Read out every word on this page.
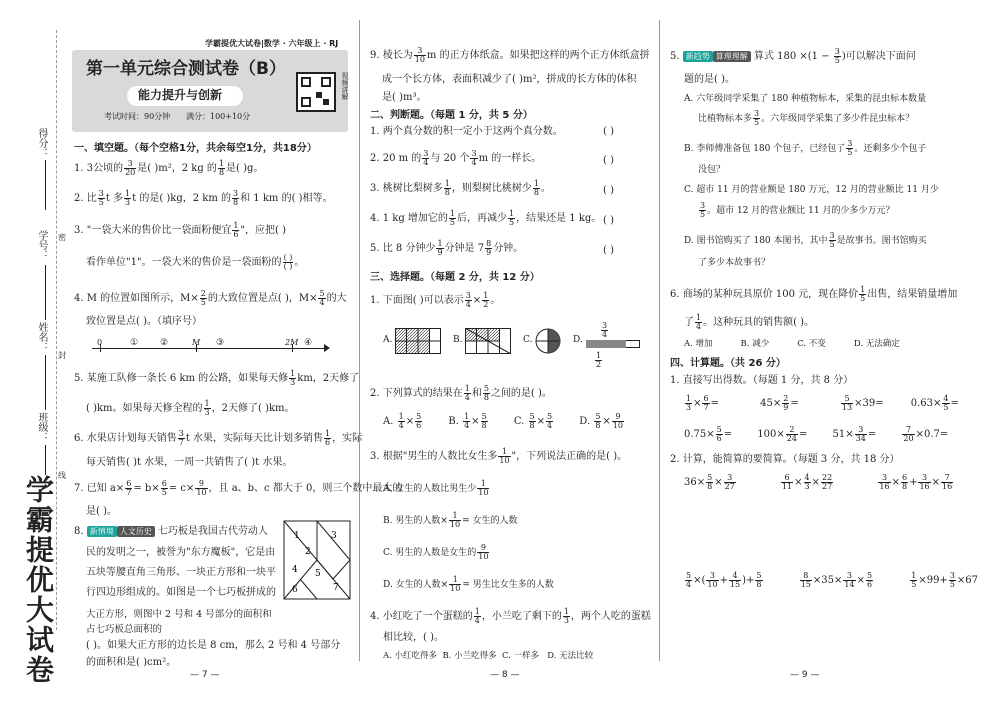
得分：
学号：
姓名：
班级：
密
封
线
学霸提优大试卷
学霸提优大试卷|数学 · 六年级上 · RJ
第一单元综合测试卷（B）
能力提升与创新
考试时间：90分钟 满分：100+10分
视频讲解
一、填空题。（每个空格1分，共余每空1分，共18分）
1. 3公顷的 $\frac{3}{20}$ 是( )m²，2 kg 的 $\frac{1}{8}$ 是( )g。
2. 比 $\frac{3}{5}$ t 多 $\frac{1}{3}$ t 的是( )kg，2 km 的 $\frac{3}{8}$ 和 1 km 的( )相等。
3. "一袋大米的售价比一袋面粉便宜 $\frac{1}{6}$ "，应把( )
看作单位"1"。一袋大米的售价是一袋面粉的 ( )
( ) 。
4. M 的位置如图所示，$M\times \frac{2}{5}$ 的大致位置是点( )，$M\times \frac{5}{4}$ 的大
致位置是点( )。（填序号）
0	① ②	M ③	2M ④
5. 某施工队修一条长 6 km 的公路，如果每天修 $\frac{1}{3}$ km，2天修了
( )km。如果每天修全程的 $\frac{1}{3}$ ，2天修了( )km。
6. 水果店计划每天销售 $\frac{3}{7}$ t 水果，实际每天比计划多销售 $\frac{1}{6}$ ，实际
每天销售( )t 水果，一周一共销售了( )t 水果。
7. 已知 $a\times \frac{6}{7} = b\times \frac{6}{5} = c\times \frac{9}{10}$ ，且 a、b、c 都大于 0，则三个数中最大的
是( )。
8. 新情境 人文历史 七巧板是我国古代劳动人
民的发明之一，被誉为"东方魔板"，它是由
五块等腰直角三角形、一块正方形和一块平
行四边形组成的。如图是一个七巧板拼成的
大正方形，则图中 2 号和 4 号部分的面积和占七巧板总面积的
( )。如果大正方形的边长是 8 cm，那么 2 号和 4 号部分
的面积和是( )cm²。
1
2
3
4 5
6	7
9. 棱长为 $\frac{3}{10}$ m 的正方体纸盒。如果把这样的两个正方体纸盒拼
成一个长方体，表面积减少了( )m²，拼成的长方体的体积
是( )m³。
二、判断题。（每题 1 分，共 5 分）
1. 两个真分数的积一定小于这两个真分数。	( )
2. 20 m 的 $\frac{3}{4}$ 与 20 个 $\frac{3}{4}$ m 的一样长。	( )
3. 桃树比梨树多 $\frac{1}{8}$ ，则梨树比桃树少 $\frac{1}{8}$ 。	( )
4. 1 kg 增加它的 $\frac{1}{5}$ 后，再减少 $\frac{1}{5}$ ，结果还是 1 kg。 ( )
5. 比 8 分钟少 $\frac{1}{9}$ 分钟是 $7 \frac{8}{9}$ 分钟。	( )
三、选择题。（每题 2 分，共 12 分）
1. 下面图( )可以表示 $\frac{3}{4} \times \frac{1}{2}$ 。
A.	B.	C.	D.
3
4
1
2
2. 下列算式的结果在 $\frac{1}{4}$ 和 $\frac{5}{8}$ 之间的是( )。
A. $\frac{1}{4} \times \frac{5}{6}$	B. $\frac{1}{4} \times \frac{5}{8}$	C. $\frac{5}{8} \times \frac{5}{4}$	D. $\frac{5}{8} \times \frac{9}{10}$
3. 根据"男生的人数比女生多 $\frac{1}{10}$ "，下列说法正确的是( )。
A. 女生的人数比男生少 $\frac{1}{10}$
B. 男生的人数× $\frac{1}{10}$ = 女生的人数
C. 男生的人数是女生的 $\frac{9}{10}$
D. 女生的人数× $\frac{1}{10}$ = 男生比女生多的人数
4. 小红吃了一个蛋糕的 $\frac{1}{4}$ ，小兰吃了剩下的 $\frac{1}{3}$ ，两个人吃的蛋糕
相比较，( )。
A. 小红吃得多 B. 小兰吃得多 C. 一样多 D. 无法比较
5. 新趋势 算理理解 算式 $180 \times(1 - \frac{3}{5}$ )可以解决下面问
题的是( )。
A. 六年级同学采集了 180 种植物标本，采集的昆虫标本数量
比植物标本多 $\frac{3}{5}$ 。六年级同学采集了多少件昆虫标本？
B. 李师傅准备包 180 个包子，已经包了 $\frac{3}{5}$ 。还剩多少个包子
没包？
C. 超市 11 月的营业额是 180 万元，12 月的营业额比 11 月少
$\frac{3}{5}$ 。超市 12 月的营业额比 11 月的少多少万元？
D. 图书馆购买了 180 本图书，其中 $\frac{3}{5}$ 是故事书。图书馆购买
了多少本故事书？
6. 商场的某种玩具原价 100 元，现在降价 $\frac{1}{5}$ 出售，结果销量增加
了 $\frac{1}{4}$ 。这种玩具的销售额( )。
A. 增加	B. 减少	C. 不变	D. 无法确定
四、计算题。（共 26 分）
1. 直接写出得数。（每题 1 分，共 8 分）
$\frac{1}{3} \times \frac{6}{7}$ =	$45\times \frac{2}{9}$ =	$\frac{5}{13} \times 39= 0.63\times \frac{4}{5}$ =
$0.75\times \frac{5}{6} = 100\times \frac{2}{24} = 51\times \frac{3}{34}$ =	$\frac{7}{20} \times 0.7=$
2. 计算，能简算的要简算。（每题 3 分，共 18 分）
$36\times \frac{5}{8} \times \frac{3}{27}$
	$\frac{6}{11} \times \frac{4}{3} \times \frac{22}{27}$
	$\frac{3}{16} \times \frac{6}{8} + \frac{3}{16} \times \frac{7}{16}$
$\frac{5}{4}$ ×( $\frac{3}{10} + \frac{4}{15}$ )+ $\frac{5}{8}$
	$\frac{8}{15} \times 35\times \frac{3}{14} \times \frac{5}{6}$
	$\frac{1}{5} \times 99+ \frac{3}{5} \times 67$
— 7 —	— 8 —	— 9 —
